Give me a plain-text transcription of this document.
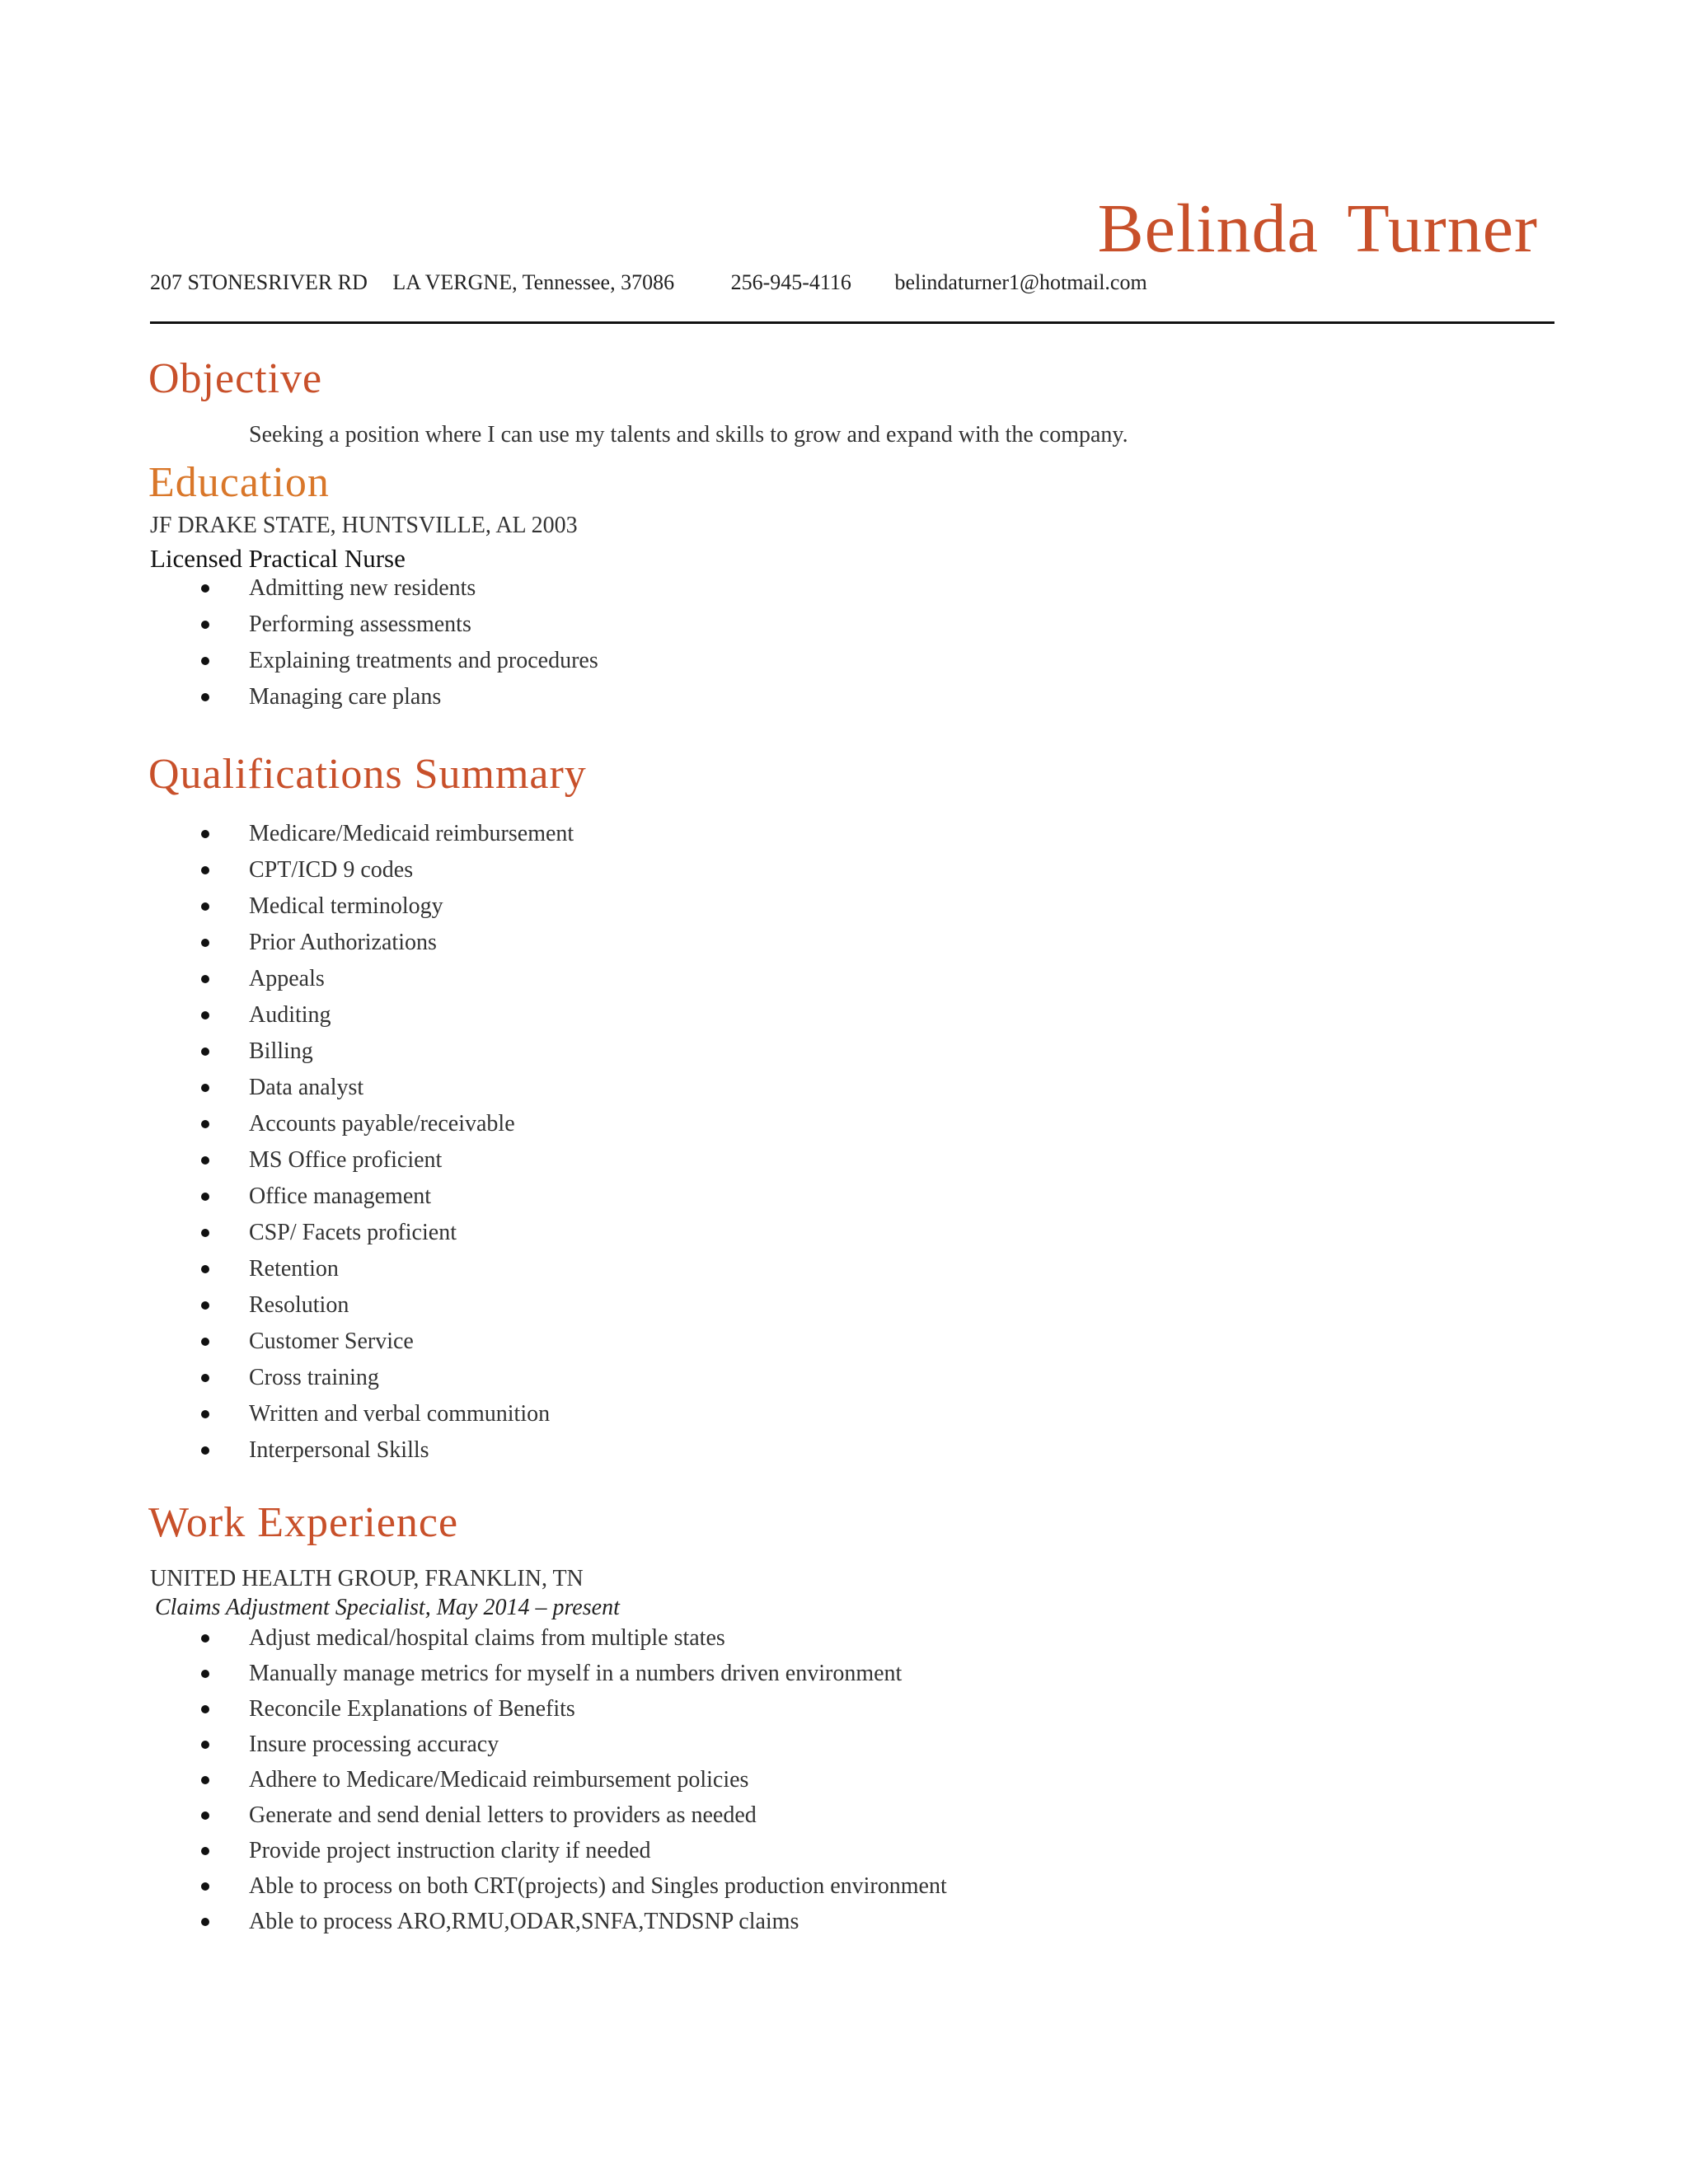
Belinda Turner
207 STONESRIVER RD LA VERGNE, Tennessee, 37086	256-945-4116 belindaturner1@hotmail.com
Objective
Seeking a position where I can use my talents and skills to grow and expand with the company.
Education
JF DRAKE STATE, HUNTSVILLE, AL 2003
Licensed Practical Nurse
Admitting new residents
Performing assessments
Explaining treatments and procedures
Managing care plans
Qualifications Summary
Medicare/Medicaid reimbursement
CPT/ICD 9 codes
Medical terminology
Prior Authorizations
Appeals
Auditing
Billing
Data analyst
Accounts payable/receivable
MS Office proficient
Office management
CSP/ Facets proficient
Retention
Resolution
Customer Service
Cross training
Written and verbal communition
Interpersonal Skills
Work Experience
UNITED HEALTH GROUP, FRANKLIN, TN
Claims Adjustment Specialist, May 2014 – present
Adjust medical/hospital claims from multiple states
Manually manage metrics for myself in a numbers driven environment
Reconcile Explanations of Benefits
Insure processing accuracy
Adhere to Medicare/Medicaid reimbursement policies
Generate and send denial letters to providers as needed
Provide project instruction clarity if needed
Able to process on both CRT(projects) and Singles production environment
Able to process ARO,RMU,ODAR,SNFA,TNDSNP claims
